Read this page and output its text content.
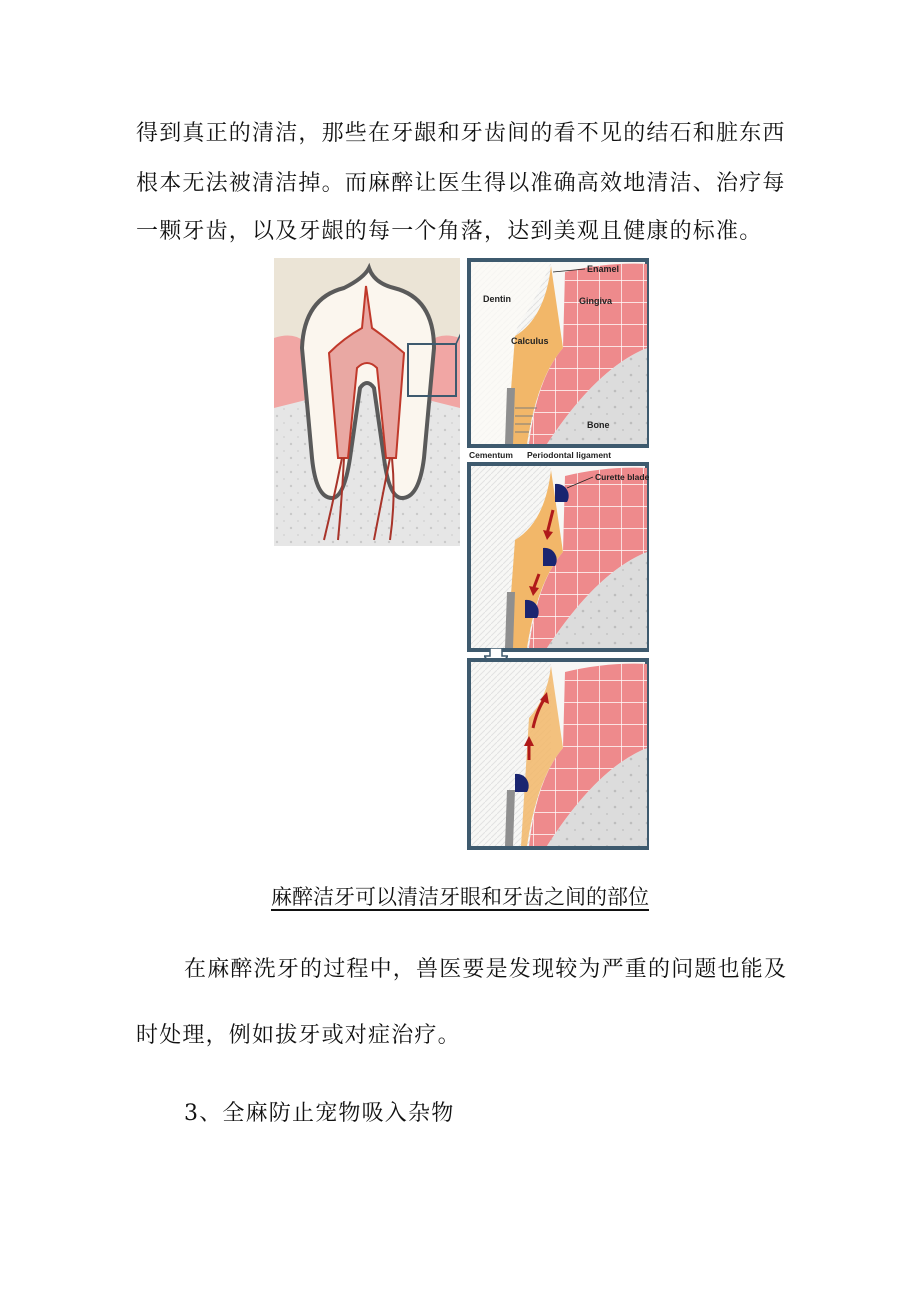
得到真正的清洁，那些在牙龈和牙齿间的看不见的结石和脏东西
根本无法被清洁掉。而麻醉让医生得以准确高效地清洁、治疗每
一颗牙齿，以及牙龈的每一个角落，达到美观且健康的标准。
Enamel
Dentin	Gingiva
Calculus
Bone
Cementum Periodontal ligament
Curette blade
麻醉洁牙可以清洁牙眼和牙齿之间的部位
在麻醉洗牙的过程中，兽医要是发现较为严重的问题也能及
时处理，例如拔牙或对症治疗。
3、全麻防止宠物吸入杂物
